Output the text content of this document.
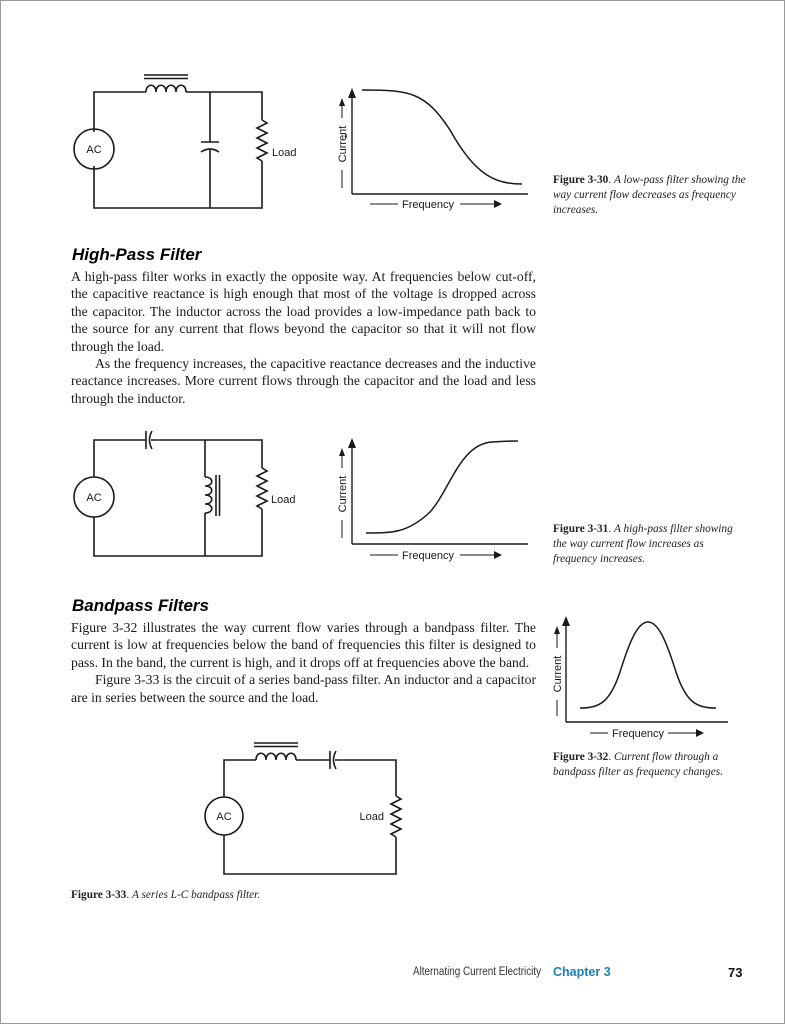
AC	Load	Current
Frequency
Figure 3-30. A low-pass filter showing the way current flow decreases as frequency increases.
High-Pass Filter

A high-pass filter works in exactly the opposite way. At frequencies below cut-off, the capacitive reactance is high enough that most of the voltage is dropped across the capacitor. The inductor across the load provides a low-impedance path back to the source for any current that flows beyond the capacitor so that it will not flow through the load.

As the frequency increases, the capacitive reactance decreases and the inductive reactance increases. More current flows through the capacitor and the load and less through the inductor.

AC	Load	Current
Frequency
Figure 3-31. A high-pass filter showing the way current flow increases as frequency increases.
Bandpass Filters

Figure 3-32 illustrates the way current flow varies through a bandpass filter. The current is low at frequencies below the band of frequencies this filter is designed to pass. In the band, the current is high, and it drops off at frequencies above the band.

Figure 3-33 is the circuit of a series band-pass filter. An inductor and a capacitor are in series between the source and the load.

Current
Frequency
Figure 3-32. Current flow through a bandpass filter as frequency changes.
AC	Load
Figure 3-33. A series L-C bandpass filter.
Alternating Current Electricity Chapter 3	73
